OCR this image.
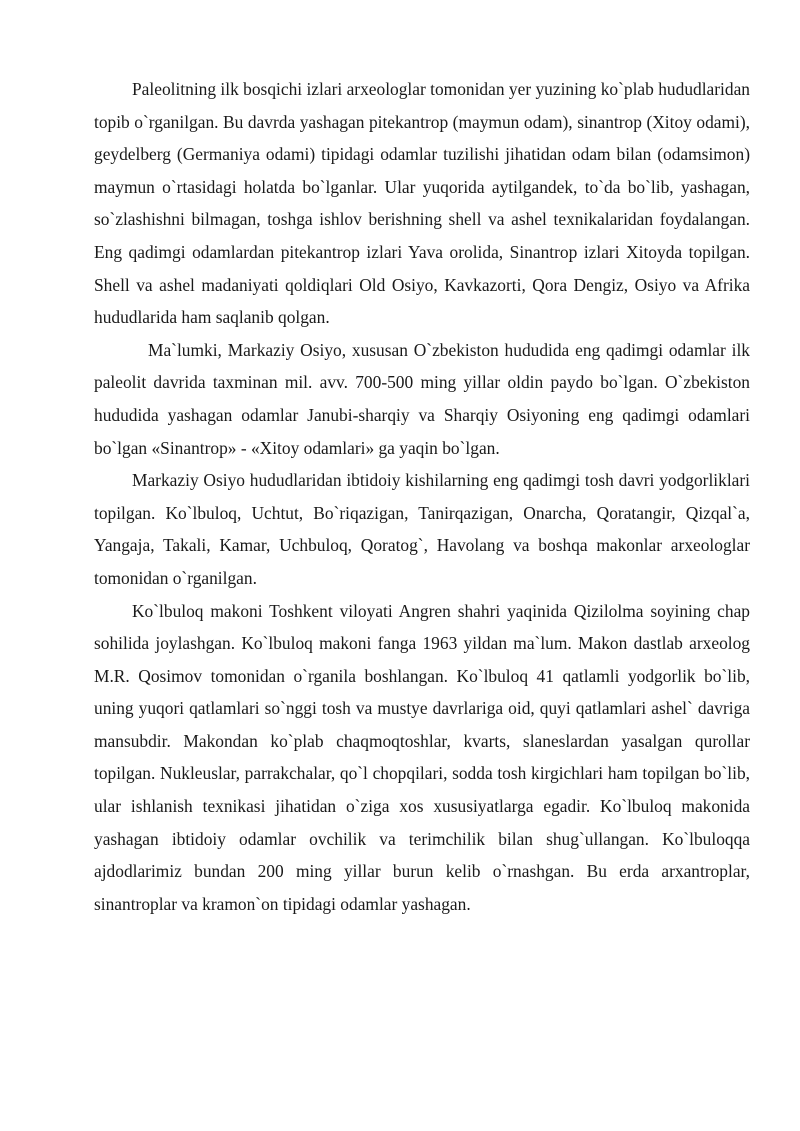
Paleolitning ilk bosqichi izlari arxeologlar tomonidan yer yuzining ko`plab hududlaridan topib o`rganilgan. Bu davrda yashagan pitekantrop (maymun odam), sinantrop (Xitoy odami), geydelberg (Germaniya odami) tipidagi odamlar tuzilishi jihatidan odam bilan (odamsimon) maymun o`rtasidagi holatda bo`lganlar. Ular yuqorida aytilgandek, to`da bo`lib, yashagan, so`zlashishni bilmagan, toshga ishlov berishning shell va ashel texnikalaridan foydalangan. Eng qadimgi odamlardan pitekantrop izlari Yava orolida, Sinantrop izlari Xitoyda topilgan. Shell va ashel madaniyati qoldiqlari Old Osiyo, Kavkazorti, Qora Dengiz, Osiyo va Afrika hududlarida ham saqlanib qolgan.

Ma`lumki, Markaziy Osiyo, xususan O`zbekiston hududida eng qadimgi odamlar ilk paleolit davrida taxminan mil. avv. 700-500 ming yillar oldin paydo bo`lgan. O`zbekiston hududida yashagan odamlar Janubi-sharqiy va Sharqiy Osiyoning eng qadimgi odamlari bo`lgan «Sinantrop» - «Xitoy odamlari» ga yaqin bo`lgan.

Markaziy Osiyo hududlaridan ibtidoiy kishilarning eng qadimgi tosh davri yodgorliklari topilgan. Ko`lbuloq, Uchtut, Bo`riqazigan, Tanirqazigan, Onarcha, Qoratangir, Qizqal`a, Yangaja, Takali, Kamar, Uchbuloq, Qoratog`, Havolang va boshqa makonlar arxeologlar tomonidan o`rganilgan.

Ko`lbuloq makoni Toshkent viloyati Angren shahri yaqinida Qizilolma soyining chap sohilida joylashgan. Ko`lbuloq makoni fanga 1963 yildan ma`lum. Makon dastlab arxeolog M.R. Qosimov tomonidan o`rganila boshlangan. Ko`lbuloq 41 qatlamli yodgorlik bo`lib, uning yuqori qatlamlari so`nggi tosh va mustye davrlariga oid, quyi qatlamlari ashel` davriga mansubdir. Makondan ko`plab chaqmoqtoshlar, kvarts, slaneslardan yasalgan qurollar topilgan. Nukleuslar, parrakchalar, qo`l chopqilari, sodda tosh kirgichlari ham topilgan bo`lib, ular ishlanish texnikasi jihatidan o`ziga xos xususiyatlarga egadir. Ko`lbuloq makonida yashagan ibtidoiy odamlar ovchilik va terimchilik bilan shug`ullangan. Ko`lbuloqqa ajdodlarimiz bundan 200 ming yillar burun kelib o`rnashgan. Bu erda arxantroplar, sinantroplar va kramon`on tipidagi odamlar yashagan.
